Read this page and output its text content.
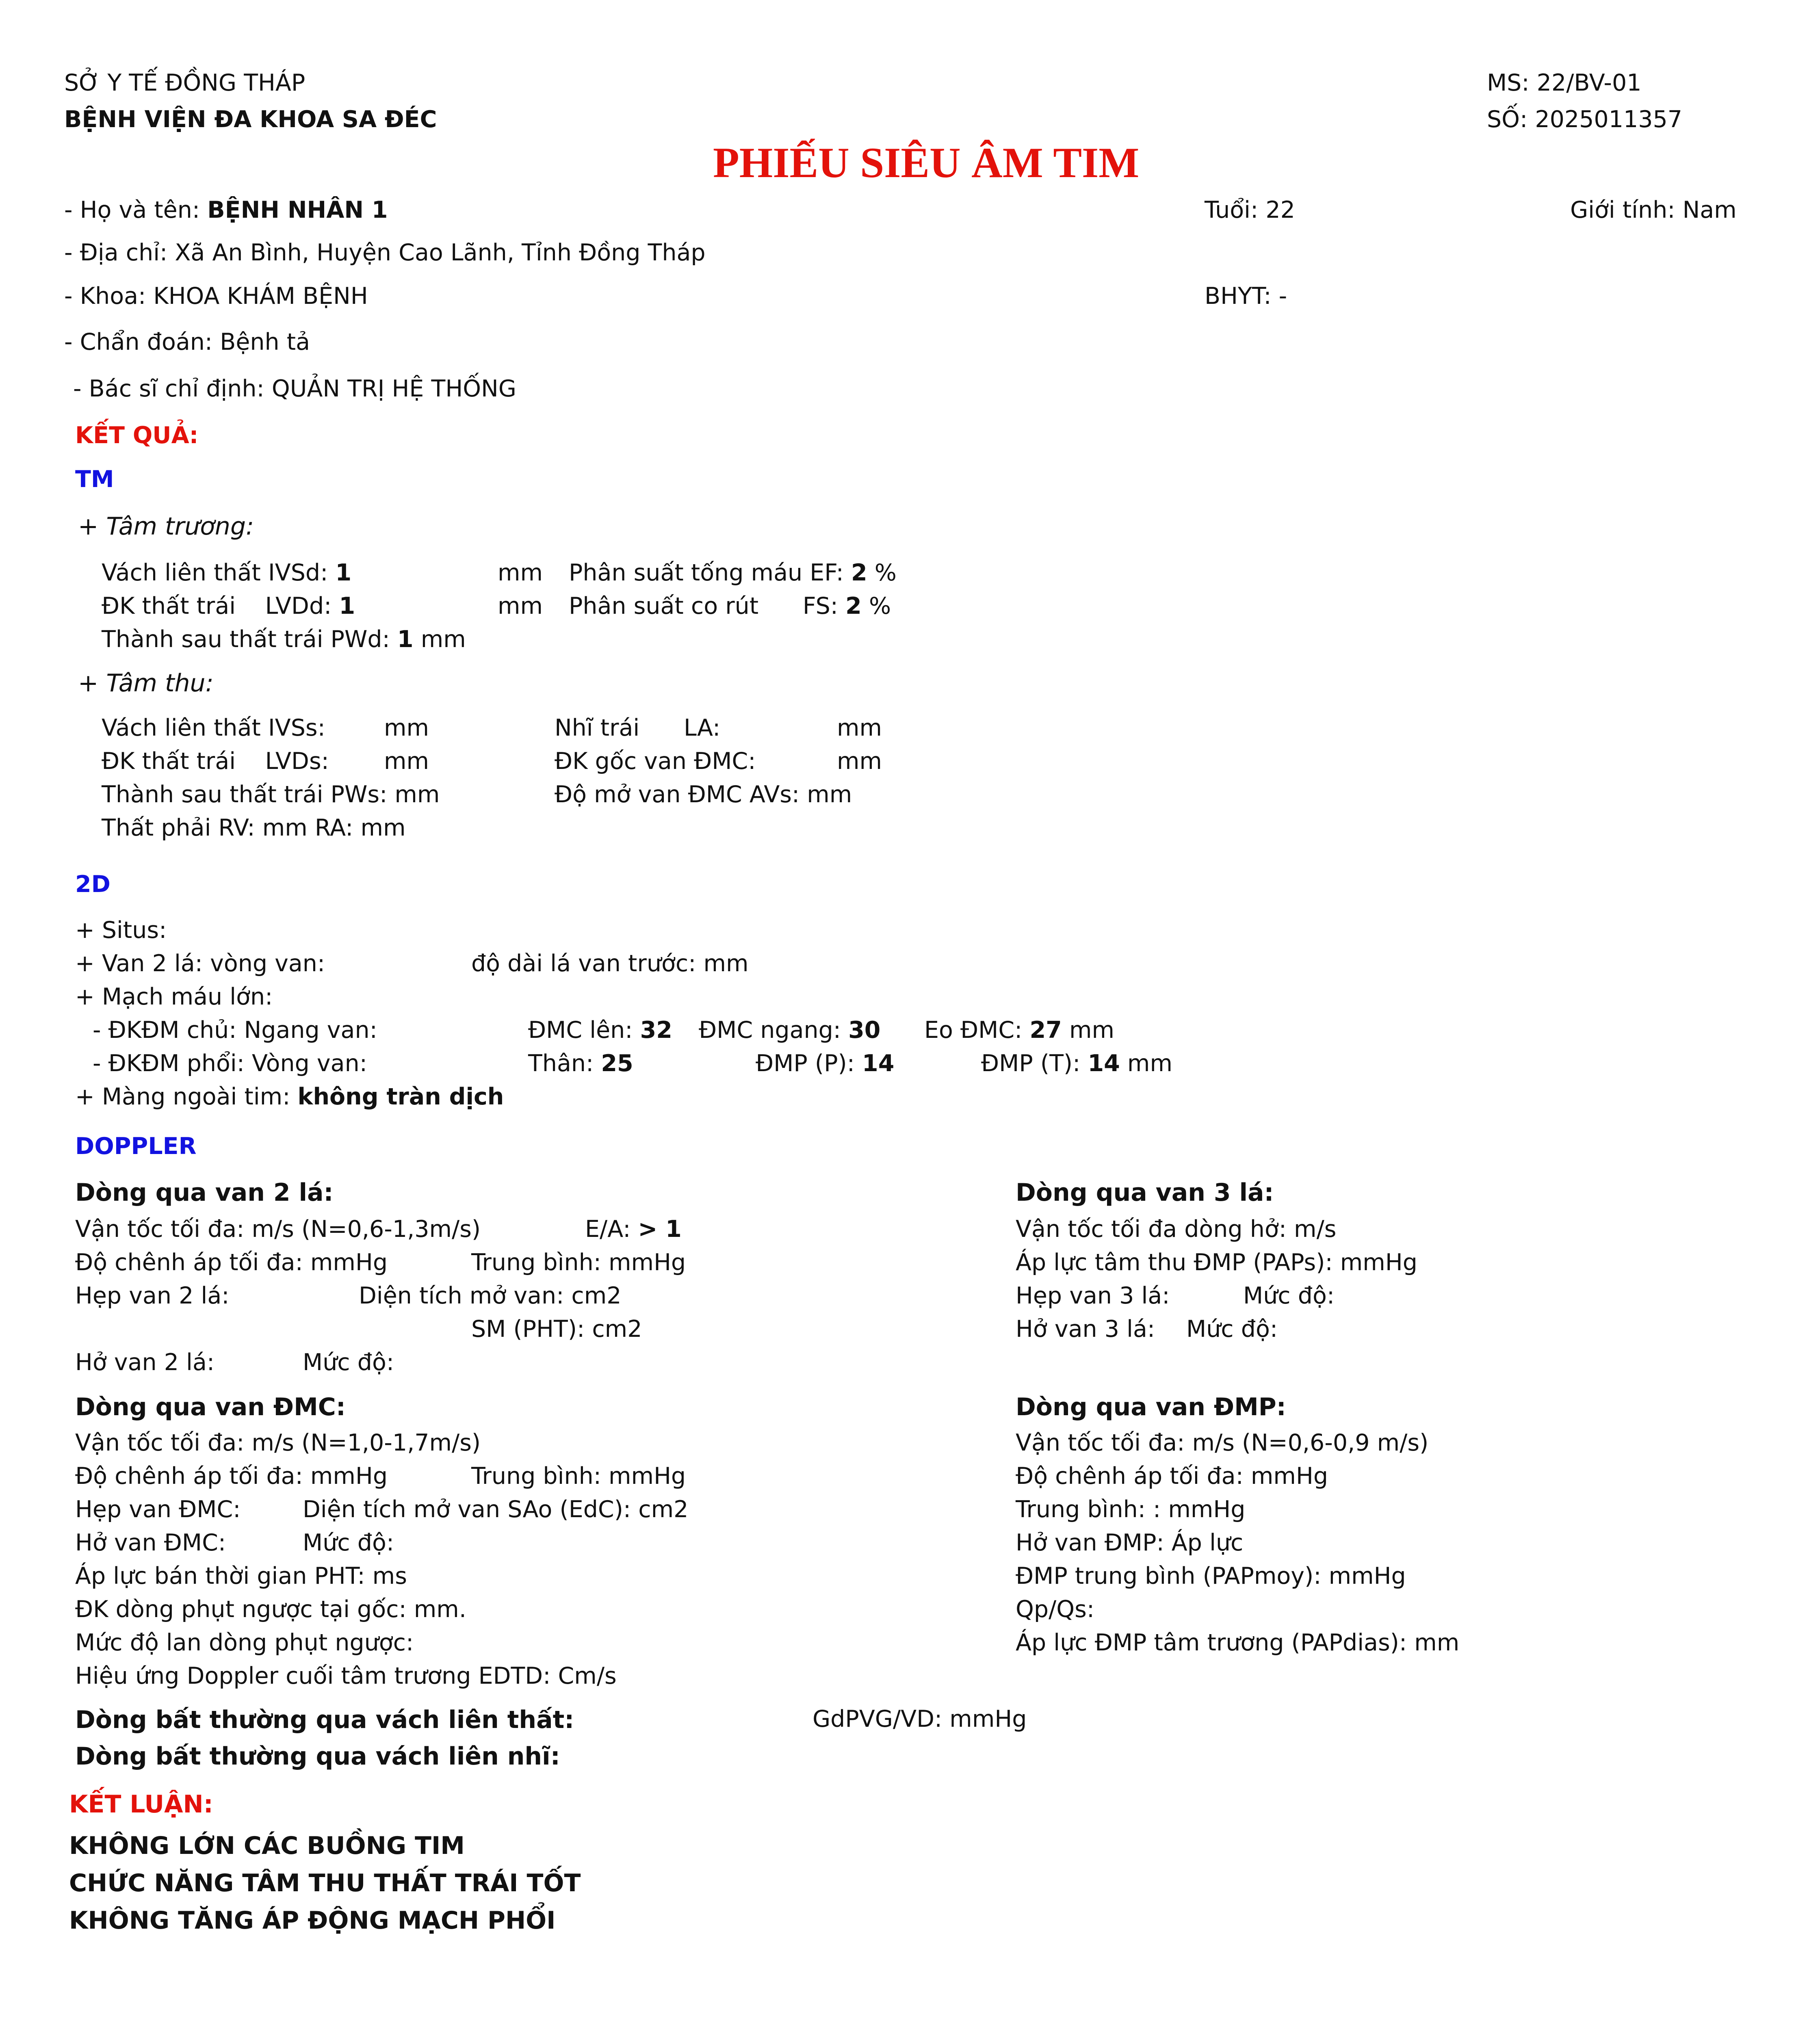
SỞ Y TẾ ĐỒNG THÁP
BỆNH VIỆN ĐA KHOA SA ĐÉC
MS: 22/BV-01
SỐ: 2025011357
PHIẾU SIÊU ÂM TIM
- Họ và tên: BỆNH NHÂN 1	Tuổi: 22	Giới tính: Nam
- Địa chỉ: Xã An Bình, Huyện Cao Lãnh, Tỉnh Đồng Tháp
- Khoa: KHOA KHÁM BỆNH	BHYT: -
- Chẩn đoán: Bệnh tả
- Bác sĩ chỉ định: QUẢN TRỊ HỆ THỐNG
KẾT QUẢ:
TM
+ Tâm trương:
Vách liên thất IVSd: 1	mm Phân suất tống máu EF: 2 %
ĐK thất trái    LVDd: 1	mm Phân suất co rút      FS: 2 %
Thành sau thất trái PWd: 1 mm
+ Tâm thu:
Vách liên thất IVSs:	mm	Nhĩ trái      LA:	mm
ĐK thất trái    LVDs: mm	ĐK gốc van ĐMC:	mm
Thành sau thất trái PWs: mm	Độ mở van ĐMC AVs: mm
Thất phải RV: mm RA: mm
2D
+ Situs:
+ Van 2 lá: vòng van:	độ dài lá van trước: mm
+ Mạch máu lớn:
- ĐKĐM chủ: Ngang van:	ĐMC lên: 32 ĐMC ngang: 30 Eo ĐMC: 27 mm
- ĐKĐM phổi: Vòng van:	Thân: 25	ĐMP (P): 14	ĐMP (T): 14 mm
+ Màng ngoài tim: không tràn dịch
DOPPLER
Dòng qua van 2 lá:
Vận tốc tối đa: m/s (N=0,6-1,3m/s)	E/A: > 1
Độ chênh áp tối đa: mmHg	Trung bình: mmHg
Hẹp van 2 lá:	Diện tích mở van: cm2
SM (PHT): cm2
Hở van 2 lá:	Mức độ:
Dòng qua van 3 lá:
Vận tốc tối đa dòng hở: m/s
Áp lực tâm thu ĐMP (PAPs): mmHg
Hẹp van 3 lá:	Mức độ:
Hở van 3 lá: Mức độ:
Dòng qua van ĐMC:
Vận tốc tối đa: m/s (N=1,0-1,7m/s)
Độ chênh áp tối đa: mmHg	Trung bình: mmHg
Hẹp van ĐMC:	Diện tích mở van SAo (EdC): cm2
Hở van ĐMC:	Mức độ:
Áp lực bán thời gian PHT: ms
ĐK dòng phụt ngược tại gốc: mm.
Mức độ lan dòng phụt ngược:
Hiệu ứng Doppler cuối tâm trương EDTD: Cm/s
Dòng qua van ĐMP:
Vận tốc tối đa: m/s (N=0,6-0,9 m/s)
Độ chênh áp tối đa: mmHg
Trung bình: : mmHg
Hở van ĐMP: Áp lực
ĐMP trung bình (PAPmoy): mmHg
Qp/Qs:
Áp lực ĐMP tâm trương (PAPdias): mm
Dòng bất thường qua vách liên thất:	GdPVG/VD: mmHg
Dòng bất thường qua vách liên nhĩ:
KẾT LUẬN:
KHÔNG LỚN CÁC BUỒNG TIM
CHỨC NĂNG TÂM THU THẤT TRÁI TỐT
KHÔNG TĂNG ÁP ĐỘNG MẠCH PHỔI
